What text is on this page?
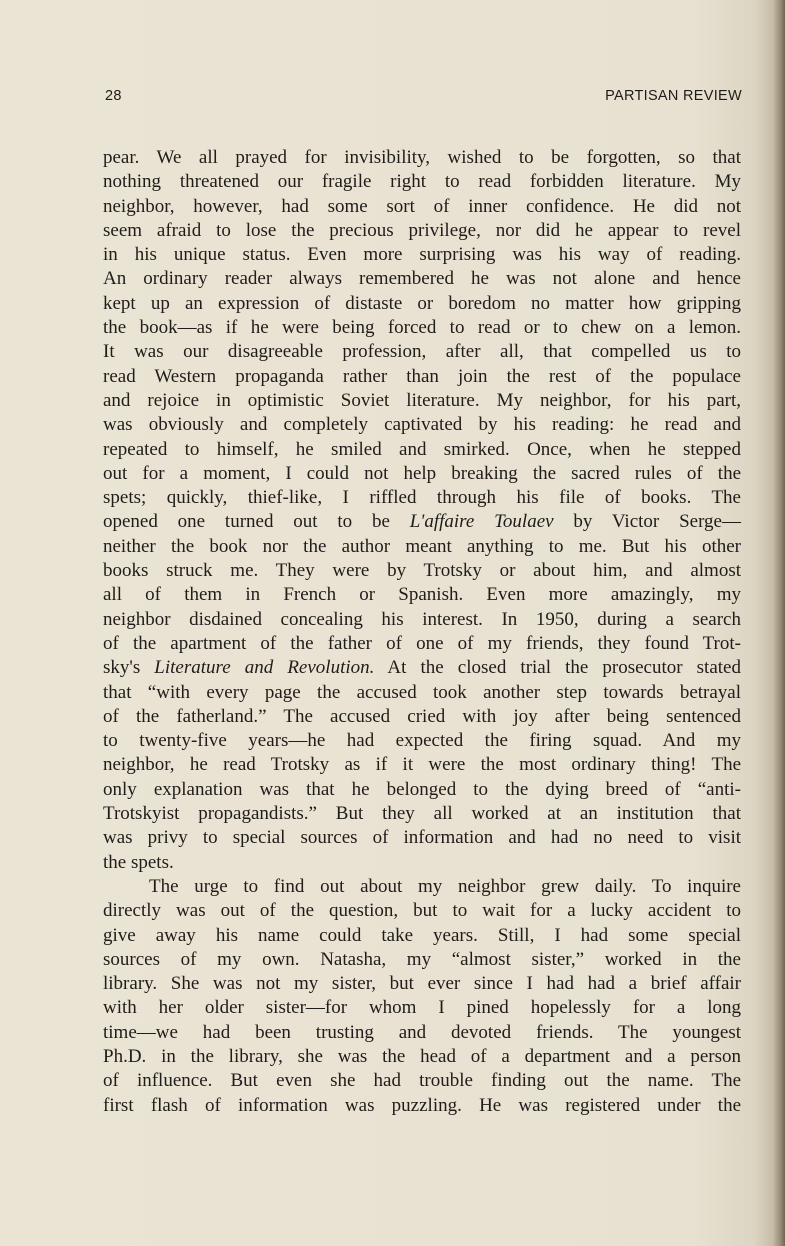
28	PARTISAN REVIEW
pear. We all prayed for invisibility, wished to be forgotten, so that
nothing threatened our fragile right to read forbidden literature. My
neighbor, however, had some sort of inner confidence. He did not
seem afraid to lose the precious privilege, nor did he appear to revel
in his unique status. Even more surprising was his way of reading.
An ordinary reader always remembered he was not alone and hence
kept up an expression of distaste or boredom no matter how gripping
the book—as if he were being forced to read or to chew on a lemon.
It was our disagreeable profession, after all, that compelled us to
read Western propaganda rather than join the rest of the populace
and rejoice in optimistic Soviet literature. My neighbor, for his part,
was obviously and completely captivated by his reading: he read and
repeated to himself, he smiled and smirked. Once, when he stepped
out for a moment, I could not help breaking the sacred rules of the
spets; quickly, thief-like, I riffled through his file of books. The
opened one turned out to be L'affaire Toulaev by Victor Serge—
neither the book nor the author meant anything to me. But his other
books struck me. They were by Trotsky or about him, and almost
all of them in French or Spanish. Even more amazingly, my
neighbor disdained concealing his interest. In 1950, during a search
of the apartment of the father of one of my friends, they found Trot-
sky's Literature and Revolution. At the closed trial the prosecutor stated
that “with every page the accused took another step towards betrayal
of the fatherland.” The accused cried with joy after being sentenced
to twenty-five years—he had expected the firing squad. And my
neighbor, he read Trotsky as if it were the most ordinary thing! The
only explanation was that he belonged to the dying breed of “anti-
Trotskyist propagandists.” But they all worked at an institution that
was privy to special sources of information and had no need to visit
the spets.
The urge to find out about my neighbor grew daily. To inquire
directly was out of the question, but to wait for a lucky accident to
give away his name could take years. Still, I had some special
sources of my own. Natasha, my “almost sister,” worked in the
library. She was not my sister, but ever since I had had a brief affair
with her older sister—for whom I pined hopelessly for a long
time—we had been trusting and devoted friends. The youngest
Ph.D. in the library, she was the head of a department and a person
of influence. But even she had trouble finding out the name. The
first flash of information was puzzling. He was registered under the
